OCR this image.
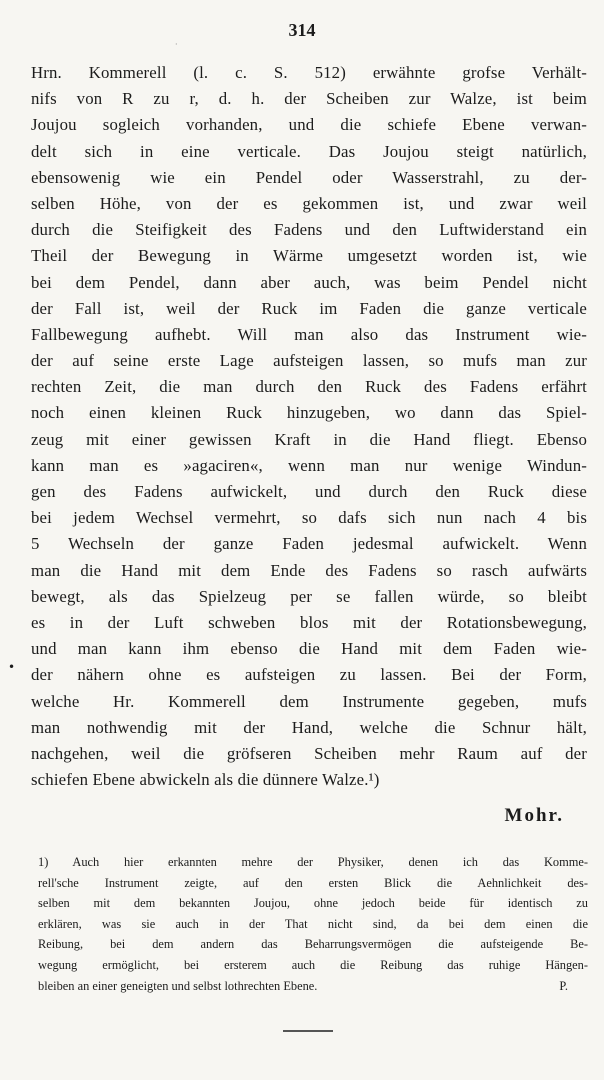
·
314
Hrn. Kommerell (l. c. S. 512) erwähnte grofse Verhält-
nifs von R zu r, d. h. der Scheiben zur Walze, ist beim
Joujou sogleich vorhanden, und die schiefe Ebene verwan-
delt sich in eine verticale. Das Joujou steigt natürlich,
ebensowenig wie ein Pendel oder Wasserstrahl, zu der-
selben Höhe, von der es gekommen ist, und zwar weil
durch die Steifigkeit des Fadens und den Luftwiderstand ein
Theil der Bewegung in Wärme umgesetzt worden ist, wie
bei dem Pendel, dann aber auch, was beim Pendel nicht
der Fall ist, weil der Ruck im Faden die ganze verticale
Fallbewegung aufhebt. Will man also das Instrument wie-
der auf seine erste Lage aufsteigen lassen, so mufs man zur
rechten Zeit, die man durch den Ruck des Fadens erfährt
noch einen kleinen Ruck hinzugeben, wo dann das Spiel-
zeug mit einer gewissen Kraft in die Hand fliegt. Ebenso
kann man es »agaciren«, wenn man nur wenige Windun-
gen des Fadens aufwickelt, und durch den Ruck diese
bei jedem Wechsel vermehrt, so dafs sich nun nach 4 bis
5 Wechseln der ganze Faden jedesmal aufwickelt. Wenn
man die Hand mit dem Ende des Fadens so rasch aufwärts
bewegt, als das Spielzeug per se fallen würde, so bleibt
es in der Luft schweben blos mit der Rotationsbewegung,
und man kann ihm ebenso die Hand mit dem Faden wie-
der nähern ohne es aufsteigen zu lassen. Bei der Form,
welche Hr. Kommerell dem Instrumente gegeben, mufs
man nothwendig mit der Hand, welche die Schnur hält,
nachgehen, weil die gröfseren Scheiben mehr Raum auf der
schiefen Ebene abwickeln als die dünnere Walze.¹)
•
Mohr.
1) Auch hier erkannten mehre der Physiker, denen ich das Komme-
rell'sche Instrument zeigte, auf den ersten Blick die Aehnlichkeit des-
selben mit dem bekannten Joujou, ohne jedoch beide für identisch zu
erklären, was sie auch in der That nicht sind, da bei dem einen die
Reibung, bei dem andern das Beharrungsvermögen die aufsteigende Be-
wegung ermöglicht, bei ersterem auch die Reibung das ruhige Hängen-
bleiben an einer geneigten und selbst lothrechten Ebene.	P.
